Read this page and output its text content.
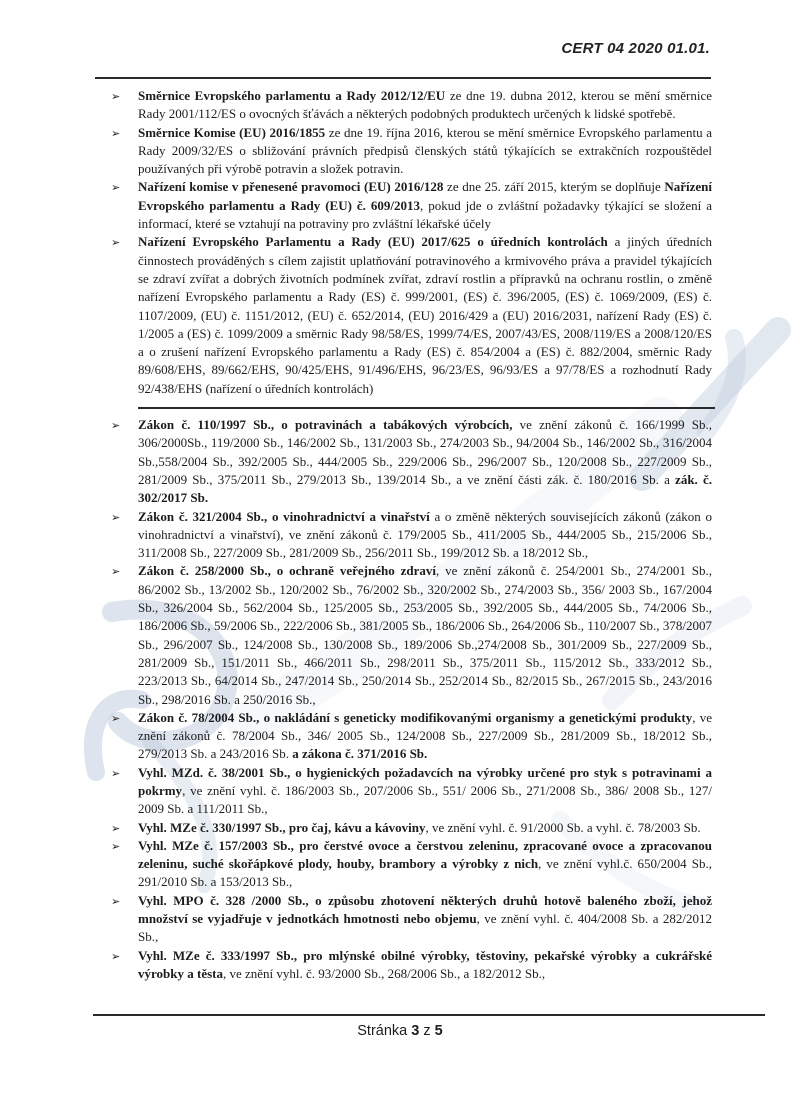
CERT 04 2020 01.01.
➢ Směrnice Evropského parlamentu a Rady 2012/12/EU ze dne 19. dubna 2012, kterou se mění směrnice Rady 2001/112/ES o ovocných šťávách a některých podobných produktech určených k lidské spotřebě.
➢ Směrnice Komise (EU) 2016/1855 ze dne 19. října 2016, kterou se mění směrnice Evropského parlamentu a Rady 2009/32/ES o sbližování právních předpisů členských států týkajících se extrakčních rozpouštědel používaných při výrobě potravin a složek potravin.
➢ Nařízení komise v přenesené pravomoci (EU) 2016/128 ze dne 25. září 2015, kterým se doplňuje Nařízení Evropského parlamentu a Rady (EU) č. 609/2013, pokud jde o zvláštní požadavky týkající se složení a informací, které se vztahují na potraviny pro zvláštní lékařské účely
➢ Nařízení Evropského Parlamentu a Rady (EU) 2017/625 o úředních kontrolách a jiných úředních činnostech prováděných s cílem zajistit uplatňování potravinového a krmivového práva a pravidel týkajících se zdraví zvířat a dobrých životních podmínek zvířat, zdraví rostlin a přípravků na ochranu rostlin, o změně nařízení Evropského parlamentu a Rady (ES) č. 999/2001, (ES) č. 396/2005, (ES) č. 1069/2009, (ES) č. 1107/2009, (EU) č. 1151/2012, (EU) č. 652/2014, (EU) 2016/429 a (EU) 2016/2031, nařízení Rady (ES) č. 1/2005 a (ES) č. 1099/2009 a směrnic Rady 98/58/ES, 1999/74/ES, 2007/43/ES, 2008/119/ES a 2008/120/ES a o zrušení nařízení Evropského parlamentu a Rady (ES) č. 854/2004 a (ES) č. 882/2004, směrnic Rady 89/608/EHS, 89/662/EHS, 90/425/EHS, 91/496/EHS, 96/23/ES, 96/93/ES a 97/78/ES a rozhodnutí Rady 92/438/EHS (nařízení o úředních kontrolách)
➢ Zákon č. 110/1997 Sb., o potravinách a tabákových výrobcích, ve znění zákonů č. 166/1999 Sb., 306/2000Sb., 119/2000 Sb., 146/2002 Sb., 131/2003 Sb., 274/2003 Sb., 94/2004 Sb., 146/2002 Sb., 316/2004 Sb.,558/2004 Sb., 392/2005 Sb., 444/2005 Sb., 229/2006 Sb., 296/2007 Sb., 120/2008 Sb., 227/2009 Sb., 281/2009 Sb., 375/2011 Sb., 279/2013 Sb., 139/2014 Sb., a ve znění části zák. č. 180/2016 Sb. a zák. č. 302/2017 Sb.
➢ Zákon č. 321/2004 Sb., o vinohradnictví a vinařství a o změně některých souvisejících zákonů (zákon o vinohradnictví a vinařství), ve znění zákonů č. 179/2005 Sb., 411/2005 Sb., 444/2005 Sb., 215/2006 Sb., 311/2008 Sb., 227/2009 Sb., 281/2009 Sb., 256/2011 Sb., 199/2012 Sb. a 18/2012 Sb.,
➢ Zákon č. 258/2000 Sb., o ochraně veřejného zdraví, ve znění zákonů č. 254/2001 Sb., 274/2001 Sb., 86/2002 Sb., 13/2002 Sb., 120/2002 Sb., 76/2002 Sb., 320/2002 Sb., 274/2003 Sb., 356/ 2003 Sb., 167/2004 Sb., 326/2004 Sb., 562/2004 Sb., 125/2005 Sb., 253/2005 Sb., 392/2005 Sb., 444/2005 Sb., 74/2006 Sb., 186/2006 Sb., 59/2006 Sb., 222/2006 Sb., 381/2005 Sb., 186/2006 Sb., 264/2006 Sb., 110/2007 Sb., 378/2007 Sb., 296/2007 Sb., 124/2008 Sb., 130/2008 Sb., 189/2006 Sb.,274/2008 Sb., 301/2009 Sb., 227/2009 Sb., 281/2009 Sb., 151/2011 Sb., 466/2011 Sb., 298/2011 Sb., 375/2011 Sb., 115/2012 Sb., 333/2012 Sb., 223/2013 Sb., 64/2014 Sb., 247/2014 Sb., 250/2014 Sb., 252/2014 Sb., 82/2015 Sb., 267/2015 Sb., 243/2016 Sb., 298/2016 Sb. a 250/2016 Sb.,
➢ Zákon č. 78/2004 Sb., o nakládání s geneticky modifikovanými organismy a genetickými produkty, ve znění zákonů č. 78/2004 Sb., 346/ 2005 Sb., 124/2008 Sb., 227/2009 Sb., 281/2009 Sb., 18/2012 Sb., 279/2013 Sb. a 243/2016 Sb. a zákona č. 371/2016 Sb.
➢ Vyhl. MZd. č. 38/2001 Sb., o hygienických požadavcích na výrobky určené pro styk s potravinami a pokrmy, ve znění vyhl. č. 186/2003 Sb., 207/2006 Sb., 551/ 2006 Sb., 271/2008 Sb., 386/ 2008 Sb., 127/ 2009 Sb. a 111/2011 Sb.,
➢ Vyhl. MZe č. 330/1997 Sb., pro čaj, kávu a kávoviny, ve znění vyhl. č. 91/2000 Sb. a vyhl. č. 78/2003 Sb.
➢ Vyhl. MZe č. 157/2003 Sb., pro čerstvé ovoce a čerstvou zeleninu, zpracované ovoce a zpracovanou zeleninu, suché skořápkové plody, houby, brambory a výrobky z nich, ve znění vyhl.č. 650/2004 Sb., 291/2010 Sb. a 153/2013 Sb.,
➢ Vyhl. MPO č. 328 /2000 Sb., o způsobu zhotovení některých druhů hotově baleného zboží, jehož množství se vyjadřuje v jednotkách hmotnosti nebo objemu, ve znění vyhl. č. 404/2008 Sb. a 282/2012 Sb.,
➢ Vyhl. MZe č. 333/1997 Sb., pro mlýnské obilné výrobky, těstoviny, pekařské výrobky a cukrářské výrobky a těsta, ve znění vyhl. č. 93/2000 Sb., 268/2006 Sb., a 182/2012 Sb.,
Stránka 3 z 5
